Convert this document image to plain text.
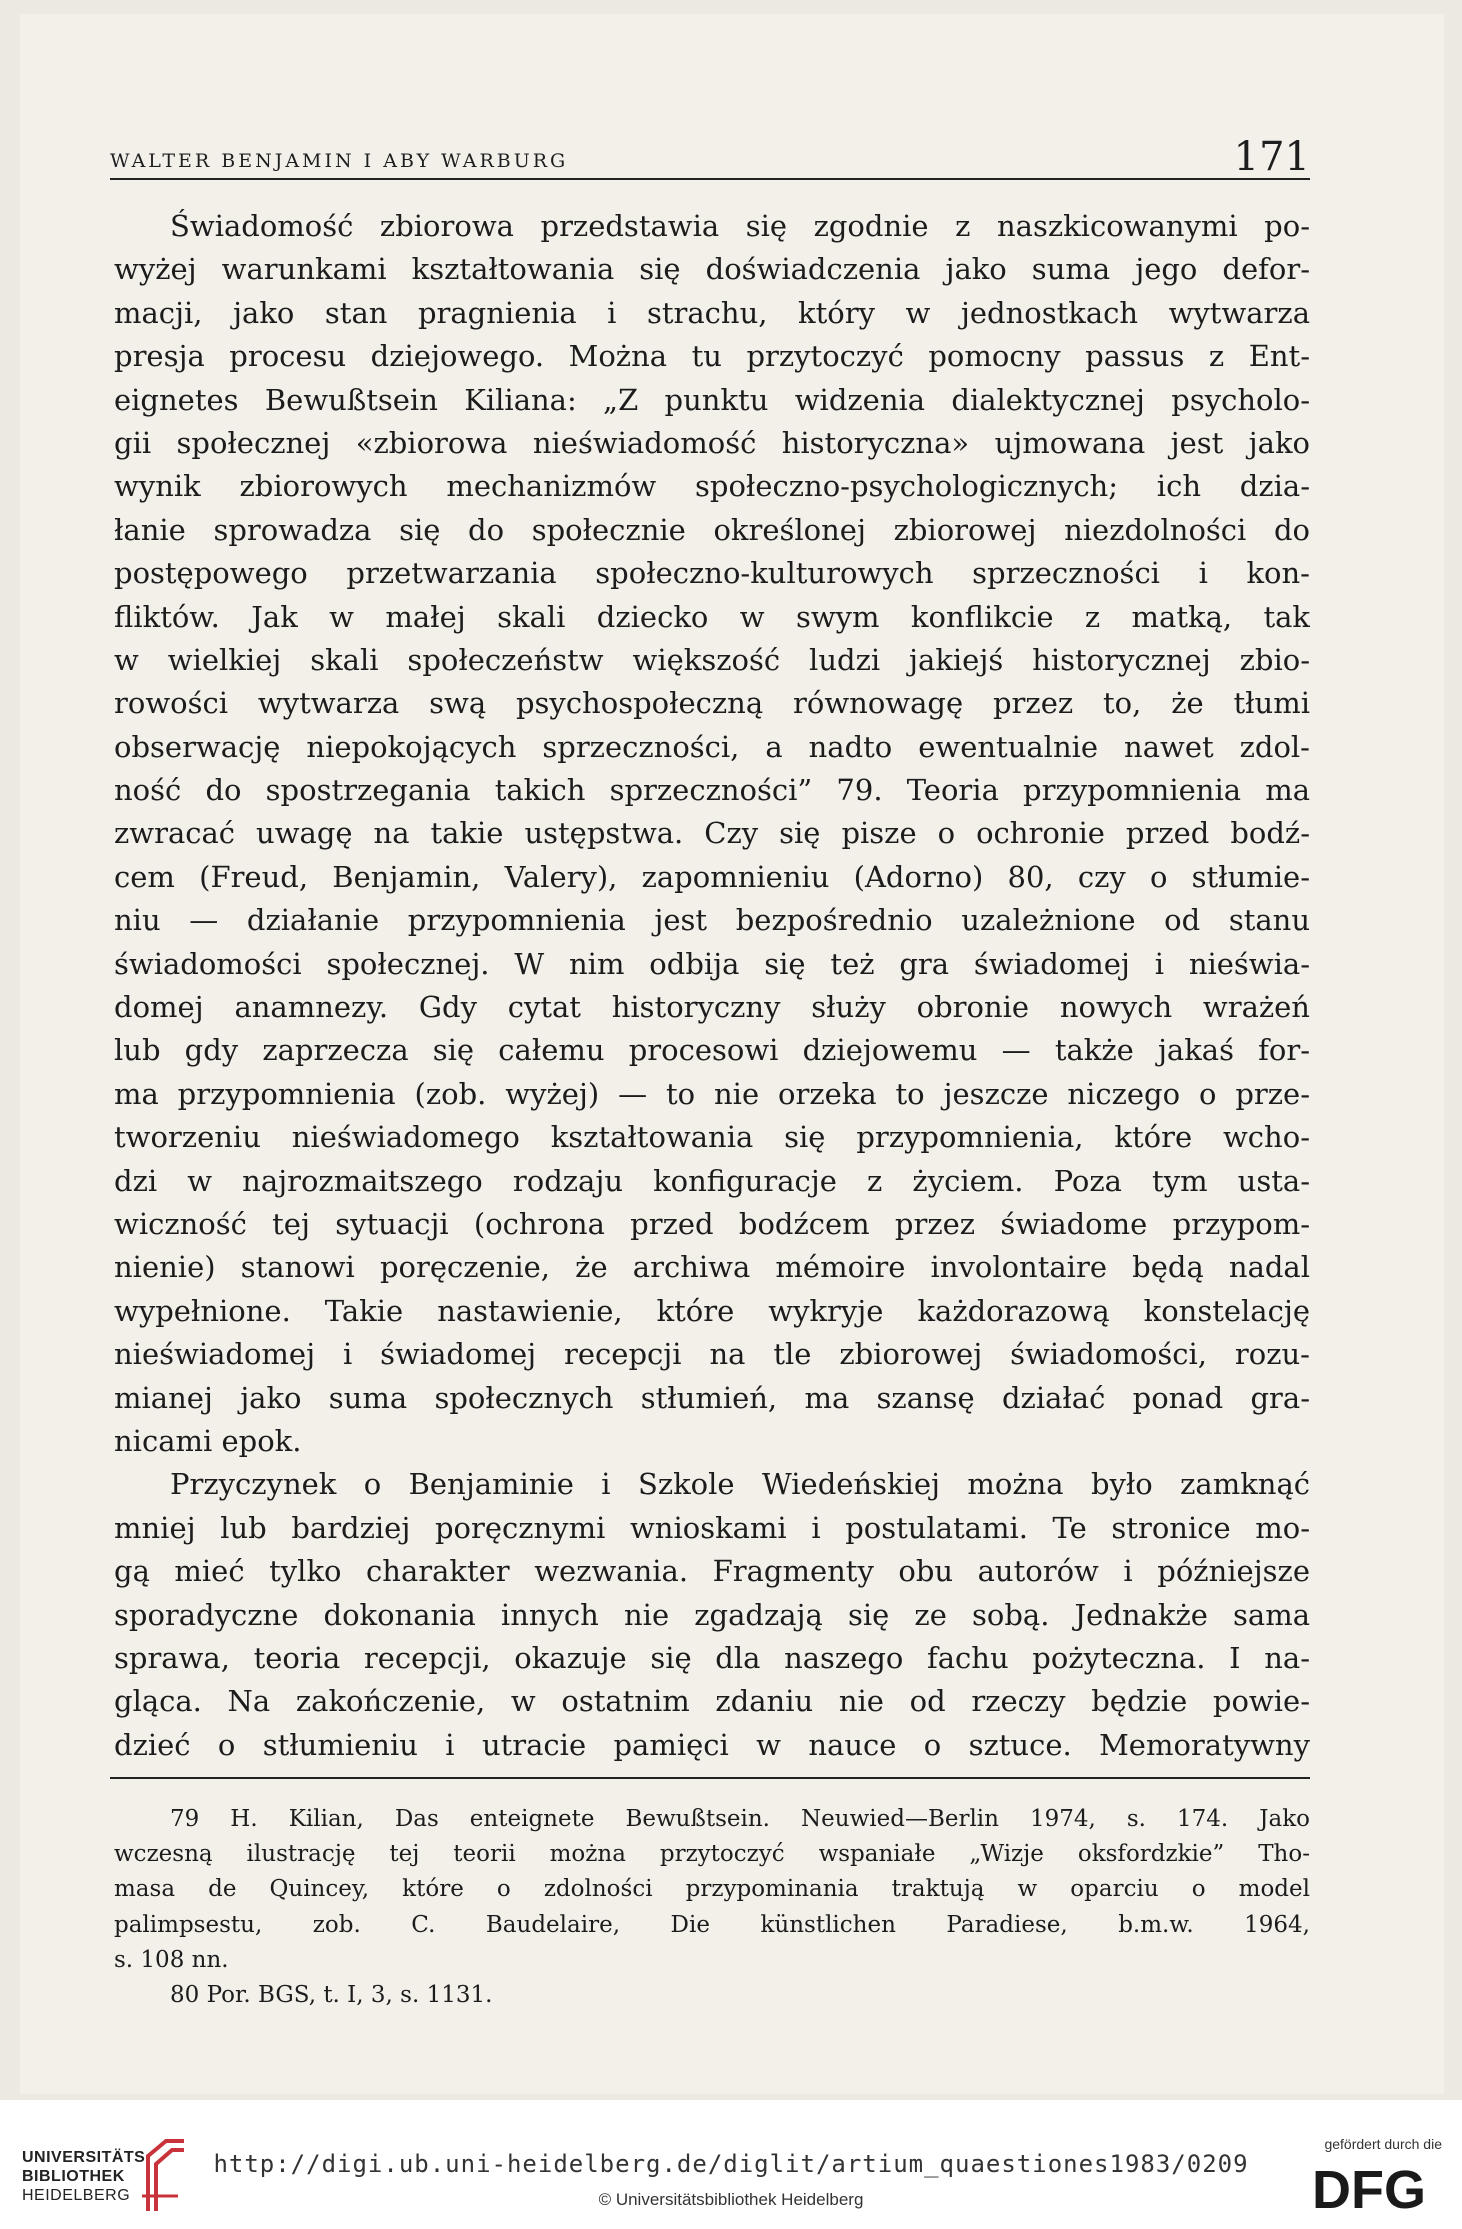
WALTER BENJAMIN I ABY WARBURG	171
Świadomość zbiorowa przedstawia się zgodnie z naszkicowanymi po-
wyżej warunkami kształtowania się doświadczenia jako suma jego defor-
macji, jako stan pragnienia i strachu, który w jednostkach wytwarza
presja procesu dziejowego. Można tu przytoczyć pomocny passus z Ent-
eignetes Bewußtsein Kiliana: „Z punktu widzenia dialektycznej psycholo-
gii społecznej «zbiorowa nieświadomość historyczna» ujmowana jest jako
wynik zbiorowych mechanizmów społeczno-psychologicznych; ich dzia-
łanie sprowadza się do społecznie określonej zbiorowej niezdolności do
postępowego przetwarzania społeczno-kulturowych sprzeczności i kon-
fliktów. Jak w małej skali dziecko w swym konflikcie z matką, tak
w wielkiej skali społeczeństw większość ludzi jakiejś historycznej zbio-
rowości wytwarza swą psychospołeczną równowagę przez to, że tłumi
obserwację niepokojących sprzeczności, a nadto ewentualnie nawet zdol-
ność do spostrzegania takich sprzeczności” 79. Teoria przypomnienia ma
zwracać uwagę na takie ustępstwa. Czy się pisze o ochronie przed bodź-
cem (Freud, Benjamin, Valery), zapomnieniu (Adorno) 80, czy o stłumie-
niu — działanie przypomnienia jest bezpośrednio uzależnione od stanu
świadomości społecznej. W nim odbija się też gra świadomej i nieświa-
domej anamnezy. Gdy cytat historyczny służy obronie nowych wrażeń
lub gdy zaprzecza się całemu procesowi dziejowemu — także jakaś for-
ma przypomnienia (zob. wyżej) — to nie orzeka to jeszcze niczego o prze-
tworzeniu nieświadomego kształtowania się przypomnienia, które wcho-
dzi w najrozmaitszego rodzaju konfiguracje z życiem. Poza tym usta-
wiczność tej sytuacji (ochrona przed bodźcem przez świadome przypom-
nienie) stanowi poręczenie, że archiwa mémoire involontaire będą nadal
wypełnione. Takie nastawienie, które wykryje każdorazową konstelację
nieświadomej i świadomej recepcji na tle zbiorowej świadomości, rozu-
mianej jako suma społecznych stłumień, ma szansę działać ponad gra-
nicami epok.
Przyczynek o Benjaminie i Szkole Wiedeńskiej można było zamknąć
mniej lub bardziej poręcznymi wnioskami i postulatami. Te stronice mo-
gą mieć tylko charakter wezwania. Fragmenty obu autorów i późniejsze
sporadyczne dokonania innych nie zgadzają się ze sobą. Jednakże sama
sprawa, teoria recepcji, okazuje się dla naszego fachu pożyteczna. I na-
gląca. Na zakończenie, w ostatnim zdaniu nie od rzeczy będzie powie-
dzieć o stłumieniu i utracie pamięci w nauce o sztuce. Memoratywny
79 H. Kilian, Das enteignete Bewußtsein. Neuwied—Berlin 1974, s. 174. Jako
wczesną ilustrację tej teorii można przytoczyć wspaniałe „Wizje oksfordzkie” Tho-
masa de Quincey, które o zdolności przypominania traktują w oparciu o model
palimpsestu, zob. C. Baudelaire, Die künstlichen Paradiese, b.m.w. 1964,
s. 108 nn.
80 Por. BGS, t. I, 3, s. 1131.
UNIVERSITÄTS-
BIBLIOTHEK
HEIDELBERG
http://digi.ub.uni-heidelberg.de/diglit/artium_quaestiones1983/0209
© Universitätsbibliothek Heidelberg
gefördert durch die
DFG
